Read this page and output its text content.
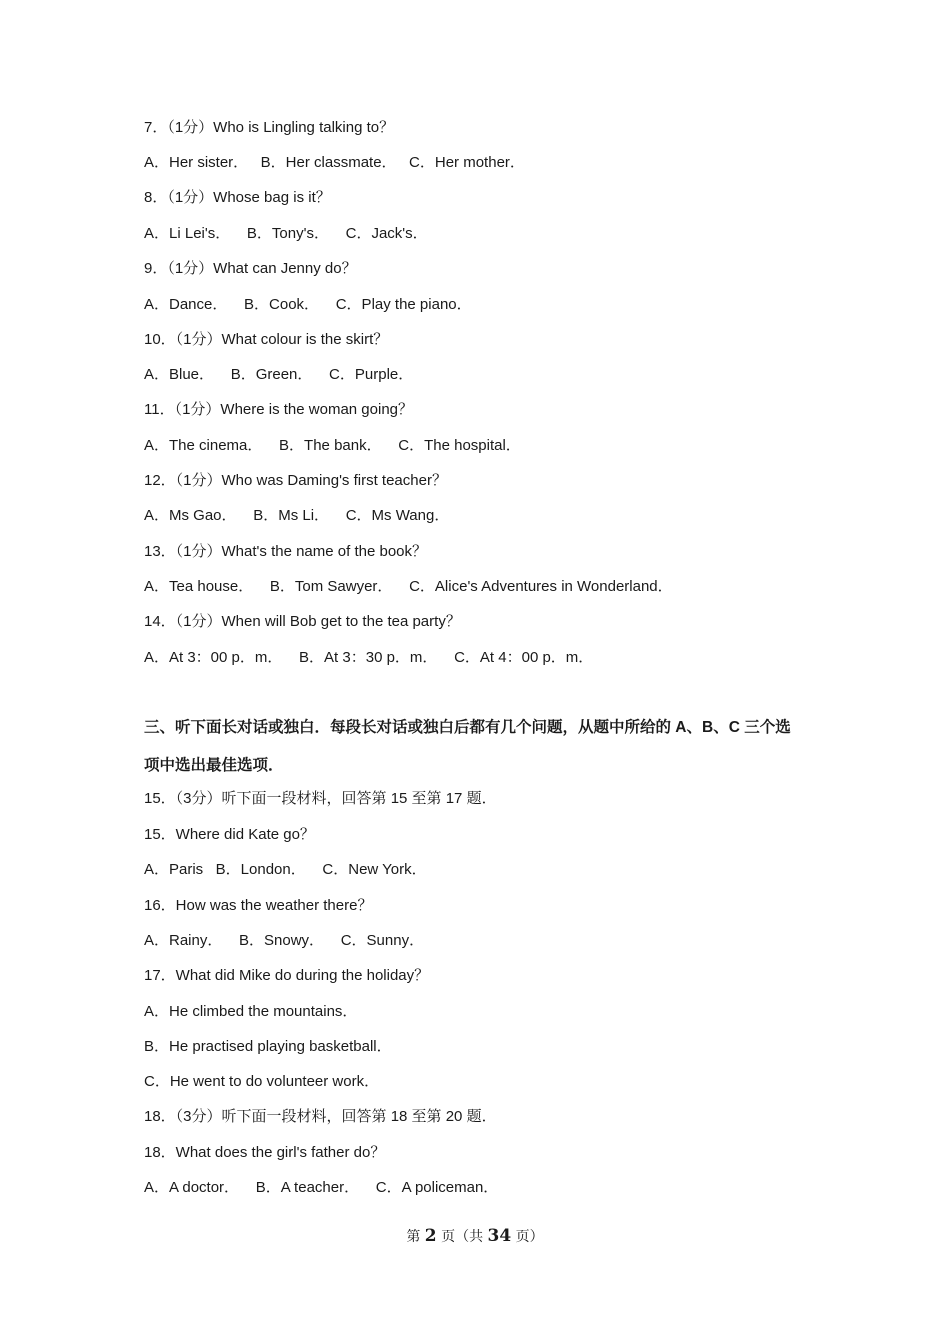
7．（1分）Who is Lingling talking to？
A．Her sister．   B．Her classmate．   C．Her mother．
8．（1分）Whose bag is it？
A．Li Lei's．    B．Tony's．    C．Jack's．
9．（1分）What can Jenny do？
A．Dance．    B．Cook．    C．Play the piano．
10．（1分）What colour is the skirt？
A．Blue．    B．Green．    C．Purple．
11．（1分）Where is the woman going？
A．The cinema．    B．The bank．    C．The hospital．
12．（1分）Who was Daming's first teacher？
A．Ms Gao．    B．Ms Li．    C．Ms Wang．
13．（1分）What's the name of the book？
A．Tea house．    B．Tom Sawyer．    C．Alice's Adventures in Wonderland．
14．（1分）When will Bob get to the tea party？
A．At 3：00 p．m．    B．At 3：30 p．m．    C．At 4：00 p．m．
三、听下面长对话或独白．每段长对话或独白后都有几个问题，从题中所给的 A、B、C 三个选
项中选出最佳选项．
15．（3分）听下面一段材料，回答第 15 至第 17 题．
15．Where did Kate go？
A．Paris   B．London．    C．New York．
16．How was the weather there？
A．Rainy．    B．Snowy．    C．Sunny．
17．What did Mike do during the holiday？
A．He climbed the mountains．
B．He practised playing basketball．
C．He went to do volunteer work．
18．（3分）听下面一段材料，回答第 18 至第 20 题．
18．What does the girl's father do？
A．A doctor．    B．A teacher．    C．A policeman．
第 2 页（共 34 页）
